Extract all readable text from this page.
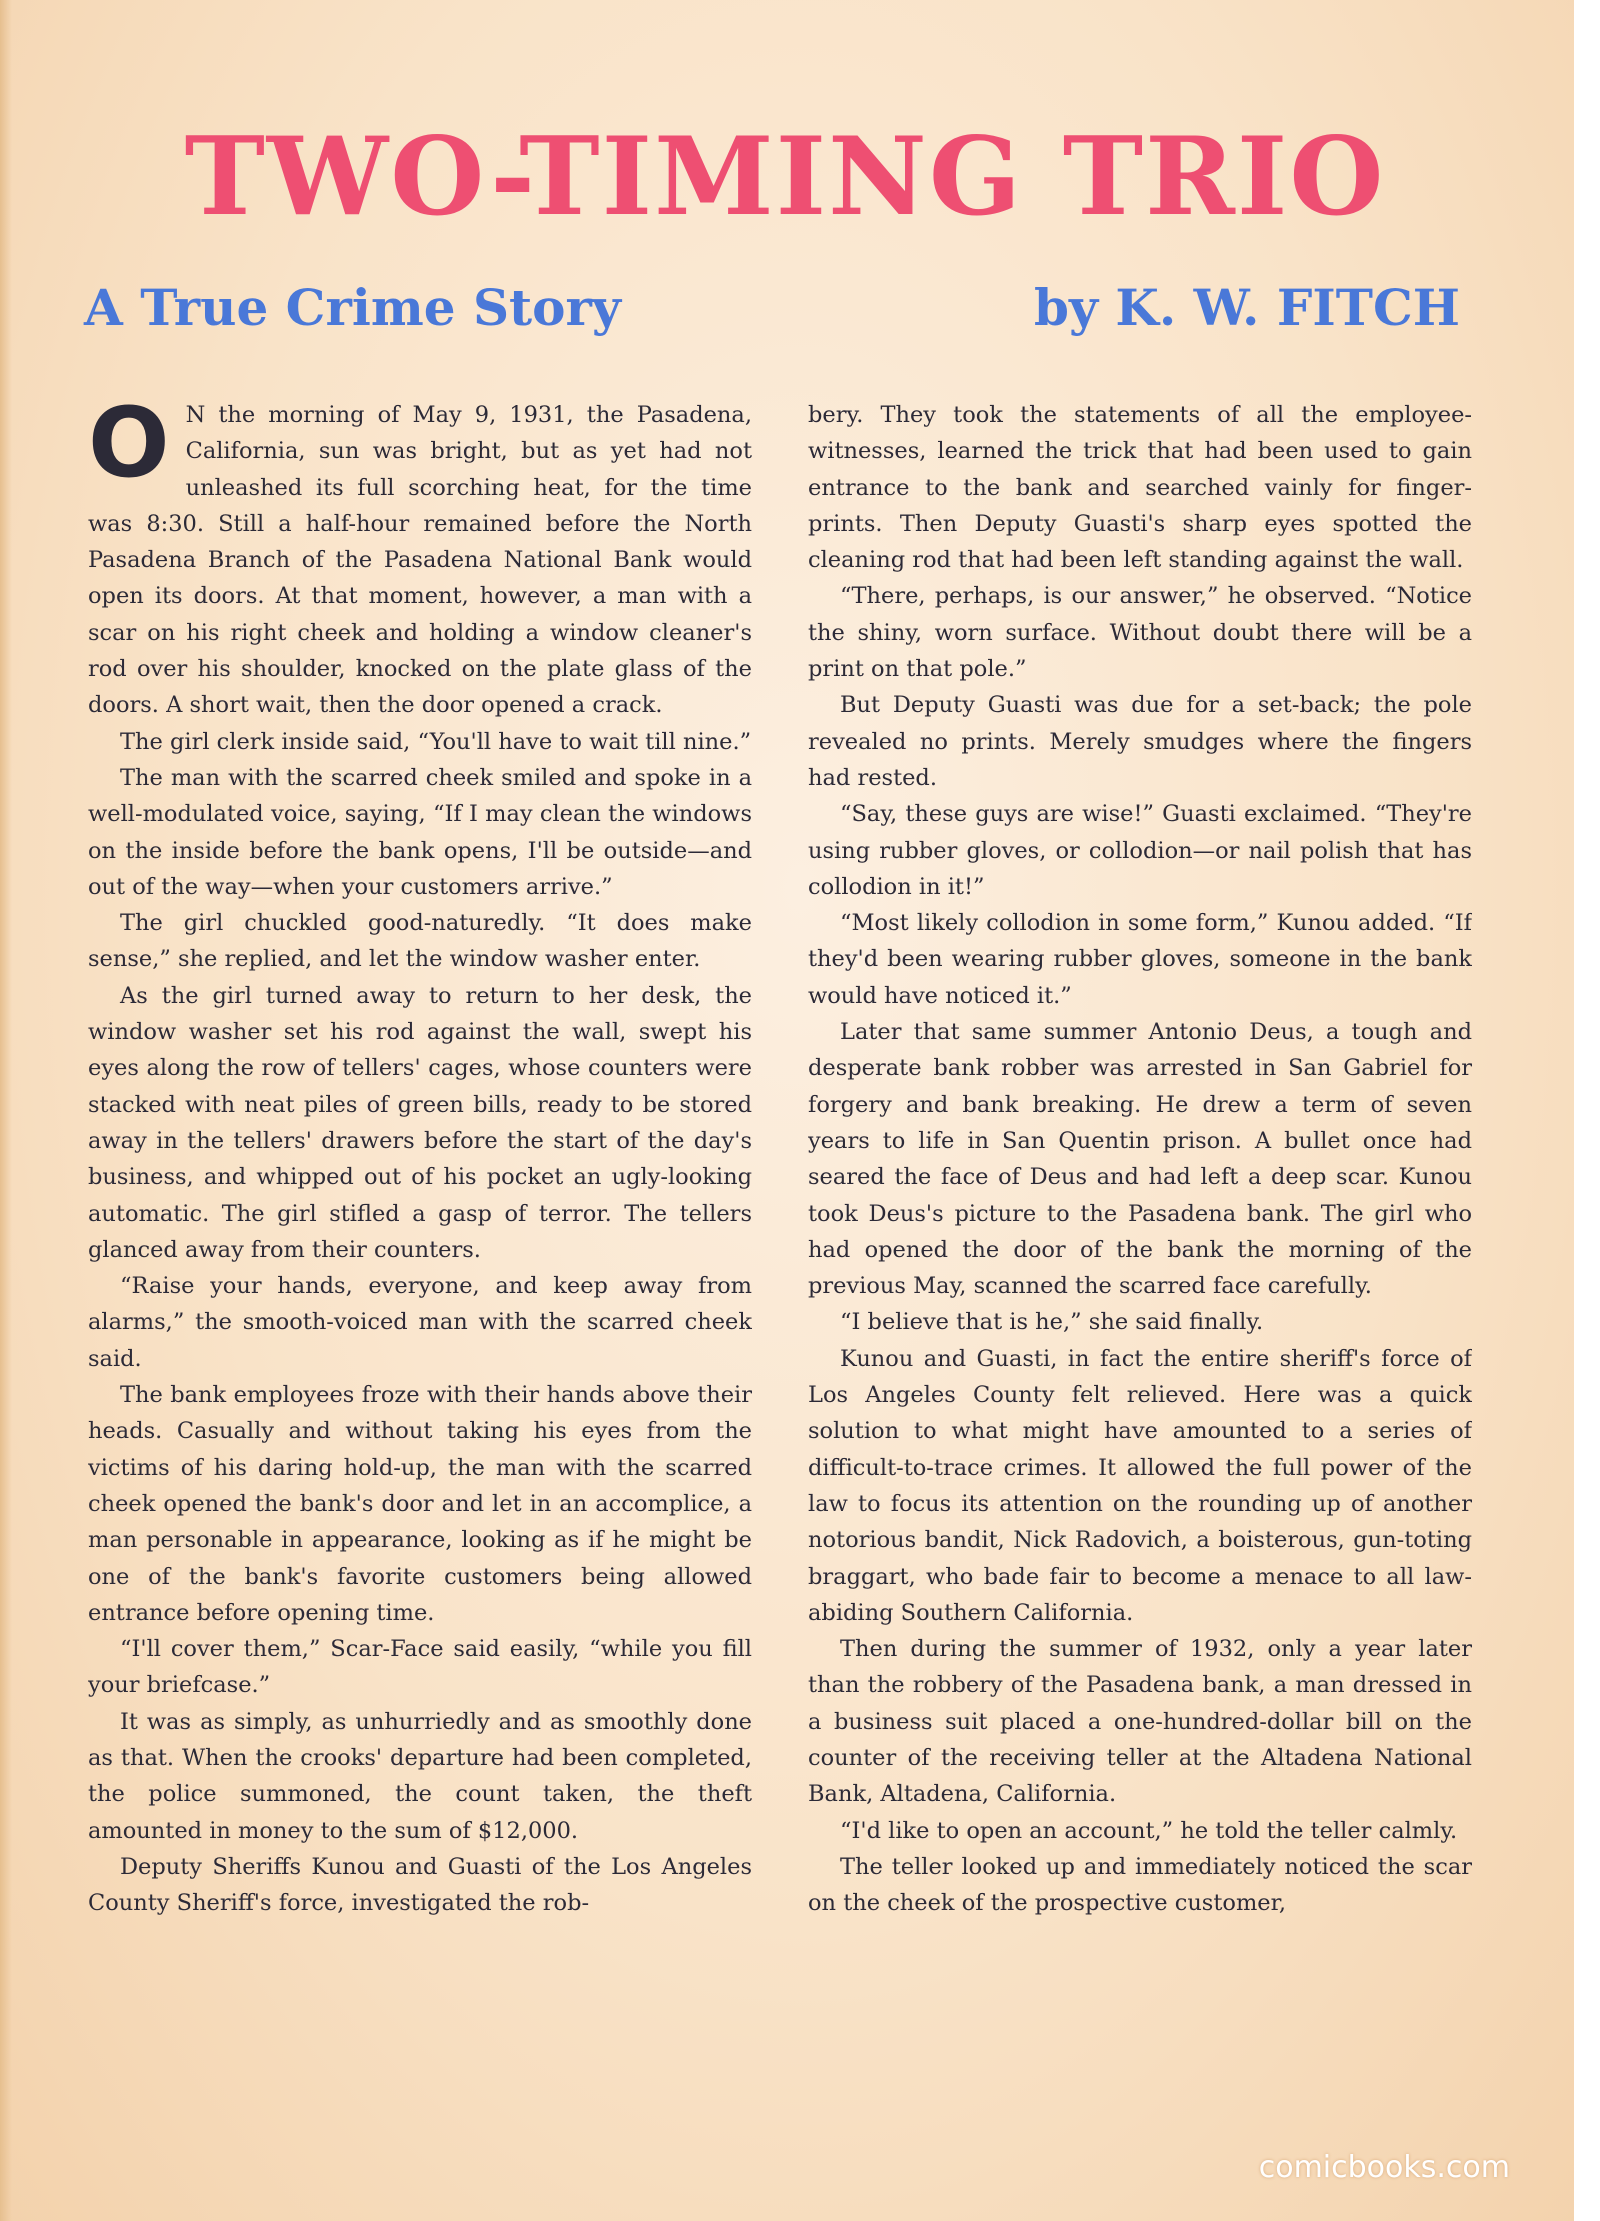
TWO-TIMING TRIO
A True Crime Story	by K. W. FITCH
O N the morning of May 9, 1931, the Pasadena, California, sun was bright, but as yet had not unleashed its full scorching heat, for the time was 8:30. Still a half-hour remained before the North Pasadena Branch of the Pasadena National Bank would open its doors. At that moment, however, a man with a scar on his right cheek and holding a window cleaner's rod over his shoulder, knocked on the plate glass of the doors. A short wait, then the door opened a crack.

The girl clerk inside said, “You'll have to wait till nine.”

The man with the scarred cheek smiled and spoke in a well-modulated voice, saying, “If I may clean the windows on the inside before the bank opens, I'll be outside—and out of the way—when your customers arrive.”

The girl chuckled good-naturedly. “It does make sense,” she replied, and let the window washer enter.

As the girl turned away to return to her desk, the window washer set his rod against the wall, swept his eyes along the row of tellers' cages, whose counters were stacked with neat piles of green bills, ready to be stored away in the tellers' drawers before the start of the day's business, and whipped out of his pocket an ugly-looking automatic. The girl stifled a gasp of terror. The tellers glanced away from their counters.

“Raise your hands, everyone, and keep away from alarms,” the smooth-voiced man with the scarred cheek said.

The bank employees froze with their hands above their heads. Casually and without taking his eyes from the victims of his daring hold-up, the man with the scarred cheek opened the bank's door and let in an accomplice, a man personable in appearance, looking as if he might be one of the bank's favorite customers being allowed entrance before opening time.

“I'll cover them,” Scar-Face said easily, “while you fill your briefcase.”

It was as simply, as unhurriedly and as smoothly done as that. When the crooks' departure had been completed, the police summoned, the count taken, the theft amounted in money to the sum of $12,000.

Deputy Sheriffs Kunou and Guasti of the Los Angeles County Sheriff's force, investigated the rob-

bery. They took the statements of all the employee-witnesses, learned the trick that had been used to gain entrance to the bank and searched vainly for finger-prints. Then Deputy Guasti's sharp eyes spotted the cleaning rod that had been left standing against the wall.

“There, perhaps, is our answer,” he observed. “Notice the shiny, worn surface. Without doubt there will be a print on that pole.”

But Deputy Guasti was due for a set-back; the pole revealed no prints. Merely smudges where the fingers had rested.

“Say, these guys are wise!” Guasti exclaimed. “They're using rubber gloves, or collodion—or nail polish that has collodion in it!”

“Most likely collodion in some form,” Kunou added. “If they'd been wearing rubber gloves, someone in the bank would have noticed it.”

Later that same summer Antonio Deus, a tough and desperate bank robber was arrested in San Gabriel for forgery and bank breaking. He drew a term of seven years to life in San Quentin prison. A bullet once had seared the face of Deus and had left a deep scar. Kunou took Deus's picture to the Pasadena bank. The girl who had opened the door of the bank the morning of the previous May, scanned the scarred face carefully.

“I believe that is he,” she said finally.

Kunou and Guasti, in fact the entire sheriff's force of Los Angeles County felt relieved. Here was a quick solution to what might have amounted to a series of difficult-to-trace crimes. It allowed the full power of the law to focus its attention on the rounding up of another notorious bandit, Nick Radovich, a boisterous, gun-toting braggart, who bade fair to become a menace to all law-abiding Southern California.

Then during the summer of 1932, only a year later than the robbery of the Pasadena bank, a man dressed in a business suit placed a one-hundred-dollar bill on the counter of the receiving teller at the Altadena National Bank, Altadena, California.

“I'd like to open an account,” he told the teller calmly.

The teller looked up and immediately noticed the scar on the cheek of the prospective customer,

comicbooks.com
